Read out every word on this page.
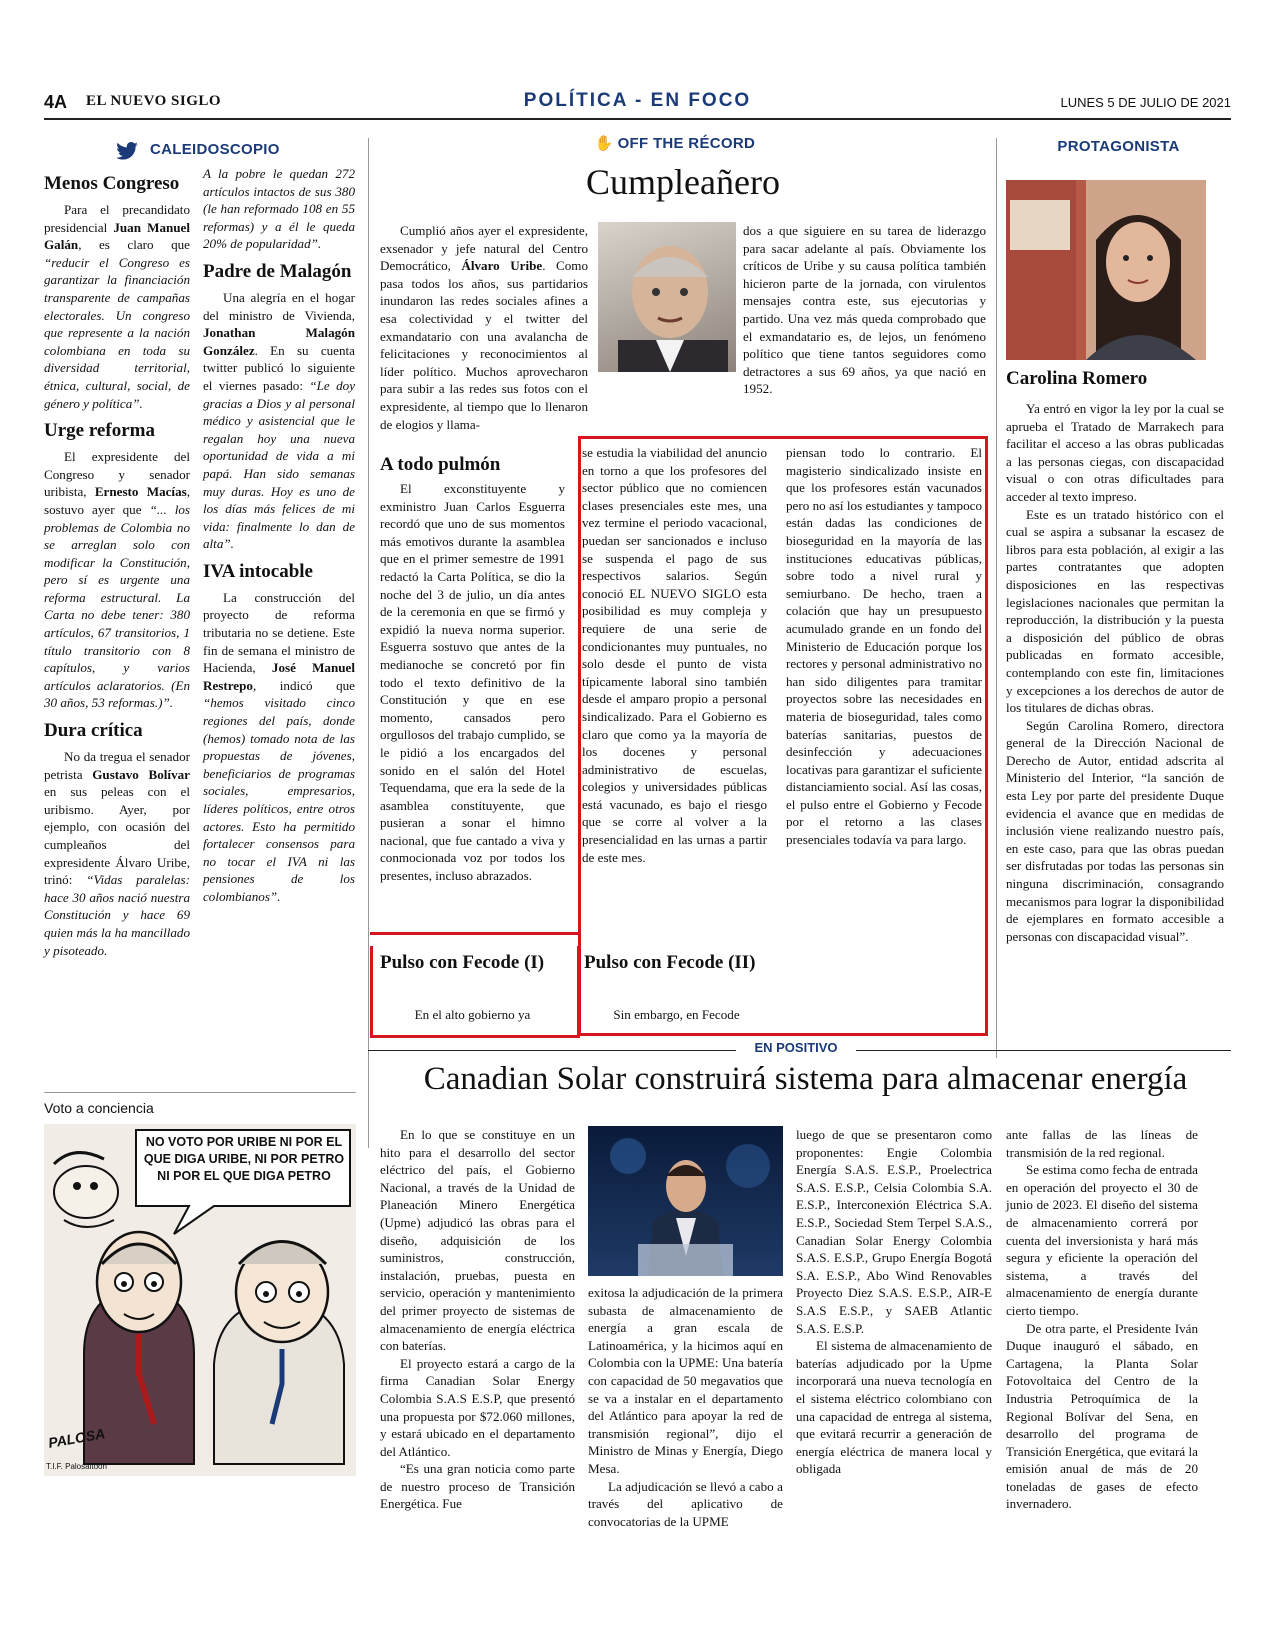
4A EL NUEVO SIGLO	POLÍTICA - EN FOCO	LUNES 5 DE JULIO DE 2021
CALEIDOSCOPIO
Menos Congreso

Para el precandidato presidencial Juan Manuel Galán, es claro que “reducir el Congreso es garantizar la financiación transparente de campañas electorales. Un congreso que represente a la nación colombiana en toda su diversidad territorial, étnica, cultural, social, de género y política”.

Urge reforma

El expresidente del Congreso y senador uribista, Ernesto Macías, sostuvo ayer que “... los problemas de Colombia no se arreglan solo con modificar la Constitución, pero sí es urgente una reforma estructural. La Carta no debe tener: 380 artículos, 67 transitorios, 1 título transitorio con 8 capítulos, y varios artículos aclaratorios. (En 30 años, 53 reformas.)”.

Dura crítica

No da tregua el senador petrista Gustavo Bolívar en sus peleas con el uribismo. Ayer, por ejemplo, con ocasión del cumpleaños del expresidente Álvaro Uribe, trinó: “Vidas paralelas: hace 30 años nació nuestra Constitución y hace 69 quien más la ha mancillado y pisoteado.

A la pobre le quedan 272 artículos intactos de sus 380 (le han reformado 108 en 55 reformas) y a él le queda 20% de popularidad”.

Padre de Malagón

Una alegría en el hogar del ministro de Vivienda, Jonathan Malagón González. En su cuenta twitter publicó lo siguiente el viernes pasado: “Le doy gracias a Dios y al personal médico y asistencial que le regalan hoy una nueva oportunidad de vida a mi papá. Han sido semanas muy duras. Hoy es uno de los días más felices de mi vida: finalmente lo dan de alta”.

IVA intocable

La construcción del proyecto de reforma tributaria no se detiene. Este fin de semana el ministro de Hacienda, José Manuel Restrepo, indicó que “hemos visitado cinco regiones del país, donde (hemos) tomado nota de las propuestas de jóvenes, beneficiarios de programas sociales, empresarios, líderes políticos, entre otros actores. Esto ha permitido fortalecer consensos para no tocar el IVA ni las pensiones de los colombianos”.

Voto a conciencia
NO VOTO POR URIBE NI POR EL QUE DIGA URIBE, NI POR PETRO NI POR EL QUE DIGA PETRO
PALOSA
T.I.F. Palosaltoon
✋ OFF THE RÉCORD
Cumpleañero

Cumplió años ayer el expresidente, exsenador y jefe natural del Centro Democrático, Álvaro Uribe. Como pasa todos los años, sus partidarios inundaron las redes sociales afines a esa colectividad y el twitter del exmandatario con una avalancha de felicitaciones y reconocimientos al líder político. Muchos aprovecharon para subir a las redes sus fotos con el expresidente, al tiempo que lo llenaron de elogios y llama-

dos a que siguiere en su tarea de liderazgo para sacar adelante al país. Obviamente los críticos de Uribe y su causa política también hicieron parte de la jornada, con virulentos mensajes contra este, sus ejecutorias y partido. Una vez más queda comprobado que el exmandatario es, de lejos, un fenómeno político que tiene tantos seguidores como detractores a sus 69 años, ya que nació en 1952.
A todo pulmón

El exconstituyente y exministro Juan Carlos Esguerra recordó que uno de sus momentos más emotivos durante la asamblea que en el primer semestre de 1991 redactó la Carta Política, se dio la noche del 3 de julio, un día antes de la ceremonia en que se firmó y expidió la nueva norma superior. Esguerra sostuvo que antes de la medianoche se concretó por fin todo el texto definitivo de la Constitución y que en ese momento, cansados pero orgullosos del trabajo cumplido, se le pidió a los encargados del sonido en el salón del Hotel Tequendama, que era la sede de la asamblea constituyente, que pusieran a sonar el himno nacional, que fue cantado a viva y conmocionada voz por todos los presentes, incluso abrazados.

se estudia la viabilidad del anuncio en torno a que los profesores del sector público que no comiencen clases presenciales este mes, una vez termine el periodo vacacional, puedan ser sancionados e incluso se suspenda el pago de sus respectivos salarios. Según conoció EL NUEVO SIGLO esta posibilidad es muy compleja y requiere de una serie de condicionantes muy puntuales, no solo desde el punto de vista típicamente laboral sino también desde el amparo propio a personal sindicalizado. Para el Gobierno es claro que como ya la mayoría de los docenes y personal administrativo de escuelas, colegios y universidades públicas está vacunado, es bajo el riesgo que se corre al volver a la presencialidad en las urnas a partir de este mes.
piensan todo lo contrario. El magisterio sindicalizado insiste en que los profesores están vacunados pero no así los estudiantes y tampoco están dadas las condiciones de bioseguridad en la mayoría de las instituciones educativas públicas, sobre todo a nivel rural y semiurbano. De hecho, traen a colación que hay un presupuesto acumulado grande en un fondo del Ministerio de Educación porque los rectores y personal administrativo no han sido diligentes para tramitar proyectos sobre las necesidades en materia de bioseguridad, tales como baterías sanitarias, puestos de desinfección y adecuaciones locativas para garantizar el suficiente distanciamiento social. Así las cosas, el pulso entre el Gobierno y Fecode por el retorno a las clases presenciales todavía va para largo.
Pulso con Fecode (I)
En el alto gobierno ya
Pulso con Fecode (II)
Sin embargo, en Fecode
PROTAGONISTA
Carolina Romero

Ya entró en vigor la ley por la cual se aprueba el Tratado de Marrakech para facilitar el acceso a las obras publicadas a las personas ciegas, con discapacidad visual o con otras dificultades para acceder al texto impreso.

Este es un tratado histórico con el cual se aspira a subsanar la escasez de libros para esta población, al exigir a las partes contratantes que adopten disposiciones en las respectivas legislaciones nacionales que permitan la reproducción, la distribución y la puesta a disposición del público de obras publicadas en formato accesible, contemplando con este fin, limitaciones y excepciones a los derechos de autor de los titulares de dichas obras.

Según Carolina Romero, directora general de la Dirección Nacional de Derecho de Autor, entidad adscrita al Ministerio del Interior, “la sanción de esta Ley por parte del presidente Duque evidencia el avance que en medidas de inclusión viene realizando nuestro país, en este caso, para que las obras puedan ser disfrutadas por todas las personas sin ninguna discriminación, consagrando mecanismos para lograr la disponibilidad de ejemplares en formato accesible a personas con discapacidad visual”.

EN POSITIVO
Canadian Solar construirá sistema para almacenar energía

En lo que se constituye en un hito para el desarrollo del sector eléctrico del país, el Gobierno Nacional, a través de la Unidad de Planeación Minero Energética (Upme) adjudicó las obras para el diseño, adquisición de los suministros, construcción, instalación, pruebas, puesta en servicio, operación y mantenimiento del primer proyecto de sistemas de almacenamiento de energía eléctrica con baterías.

El proyecto estará a cargo de la firma Canadian Solar Energy Colombia S.A.S E.S.P, que presentó una propuesta por $72.060 millones, y estará ubicado en el departamento del Atlántico.

“Es una gran noticia como parte de nuestro proceso de Transición Energética. Fue

exitosa la adjudicación de la primera subasta de almacenamiento de energía a gran escala de Latinoamérica, y la hicimos aquí en Colombia con la UPME: Una batería con capacidad de 50 megavatios que se va a instalar en el departamento del Atlántico para apoyar la red de transmisión regional”, dijo el Ministro de Minas y Energía, Diego Mesa.

La adjudicación se llevó a cabo a través del aplicativo de convocatorias de la UPME

luego de que se presentaron como proponentes: Engie Colombia Energía S.A.S. E.S.P., Proelectrica S.A.S. E.S.P., Celsia Colombia S.A. E.S.P., Interconexión Eléctrica S.A. E.S.P., Sociedad Stem Terpel S.A.S., Canadian Solar Energy Colombia S.A.S. E.S.P., Grupo Energía Bogotá S.A. E.S.P., Abo Wind Renovables Proyecto Diez S.A.S. E.S.P., AIR-E S.A.S E.S.P., y SAEB Atlantic S.A.S. E.S.P.

El sistema de almacenamiento de baterías adjudicado por la Upme incorporará una nueva tecnología en el sistema eléctrico colombiano con una capacidad de entrega al sistema, que evitará recurrir a generación de energía eléctrica de manera local y obligada

ante fallas de las líneas de transmisión de la red regional.

Se estima como fecha de entrada en operación del proyecto el 30 de junio de 2023. El diseño del sistema de almacenamiento correrá por cuenta del inversionista y hará más segura y eficiente la operación del sistema, a través del almacenamiento de energía durante cierto tiempo.

De otra parte, el Presidente Iván Duque inauguró el sábado, en Cartagena, la Planta Solar Fotovoltaica del Centro de la Industria Petroquímica de la Regional Bolívar del Sena, en desarrollo del programa de Transición Energética, que evitará la emisión anual de más de 20 toneladas de gases de efecto invernadero.
